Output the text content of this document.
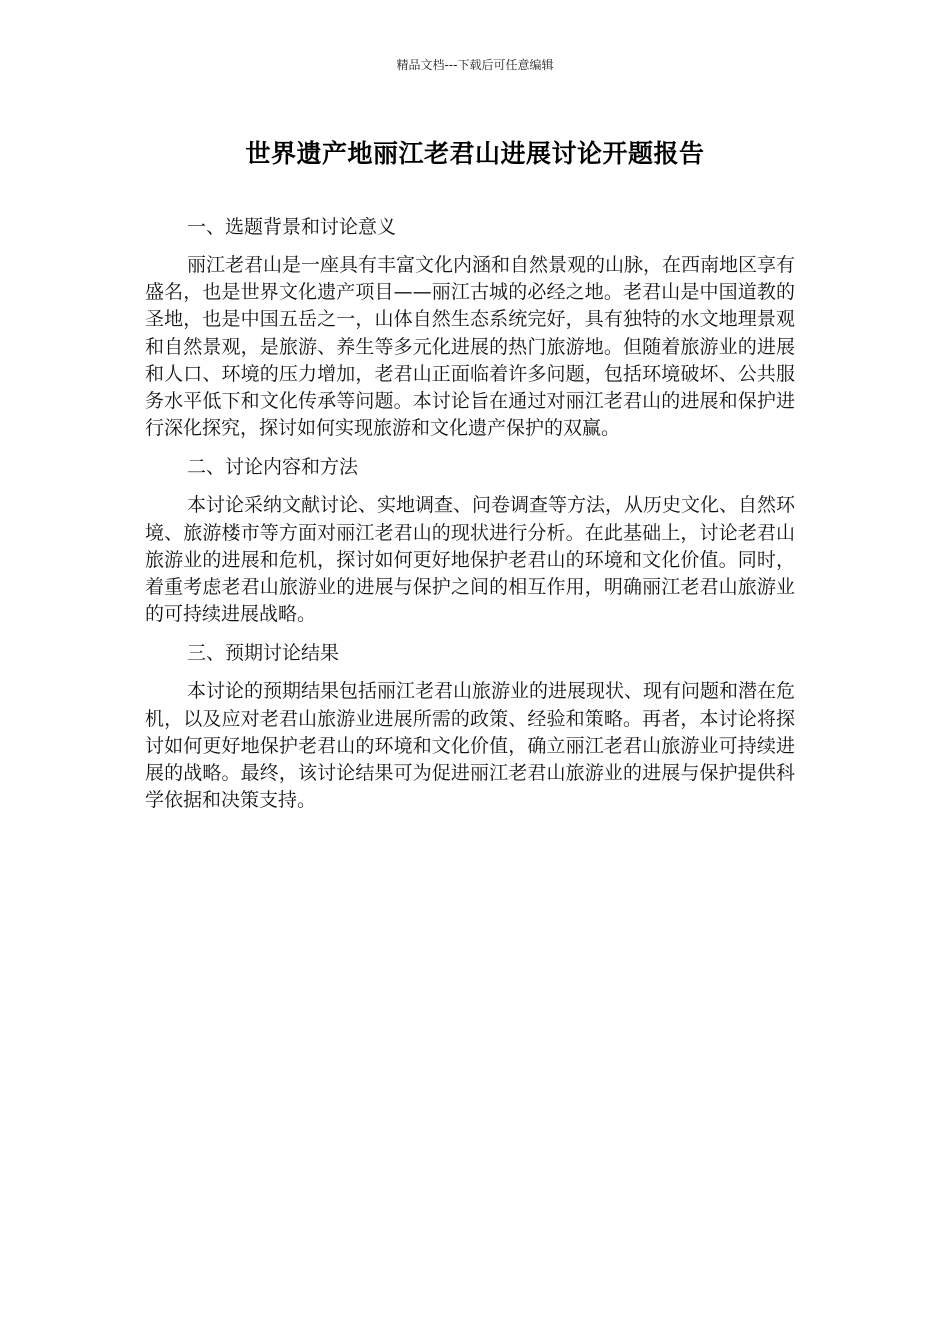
精品文档---下载后可任意编辑
世界遗产地丽江老君山进展讨论开题报告
一、选题背景和讨论意义

丽江老君山是一座具有丰富文化内涵和自然景观的山脉，在西南地区享有盛名，也是世界文化遗产项目——丽江古城的必经之地。老君山是中国道教的圣地，也是中国五岳之一，山体自然生态系统完好，具有独特的水文地理景观和自然景观，是旅游、养生等多元化进展的热门旅游地。但随着旅游业的进展和人口、环境的压力增加，老君山正面临着许多问题，包括环境破坏、公共服务水平低下和文化传承等问题。本讨论旨在通过对丽江老君山的进展和保护进行深化探究，探讨如何实现旅游和文化遗产保护的双赢。

二、讨论内容和方法

本讨论采纳文献讨论、实地调查、问卷调查等方法，从历史文化、自然环境、旅游楼市等方面对丽江老君山的现状进行分析。在此基础上，讨论老君山旅游业的进展和危机，探讨如何更好地保护老君山的环境和文化价值。同时，着重考虑老君山旅游业的进展与保护之间的相互作用，明确丽江老君山旅游业的可持续进展战略。

三、预期讨论结果

本讨论的预期结果包括丽江老君山旅游业的进展现状、现有问题和潜在危机，以及应对老君山旅游业进展所需的政策、经验和策略。再者，本讨论将探讨如何更好地保护老君山的环境和文化价值，确立丽江老君山旅游业可持续进展的战略。最终，该讨论结果可为促进丽江老君山旅游业的进展与保护提供科学依据和决策支持。
